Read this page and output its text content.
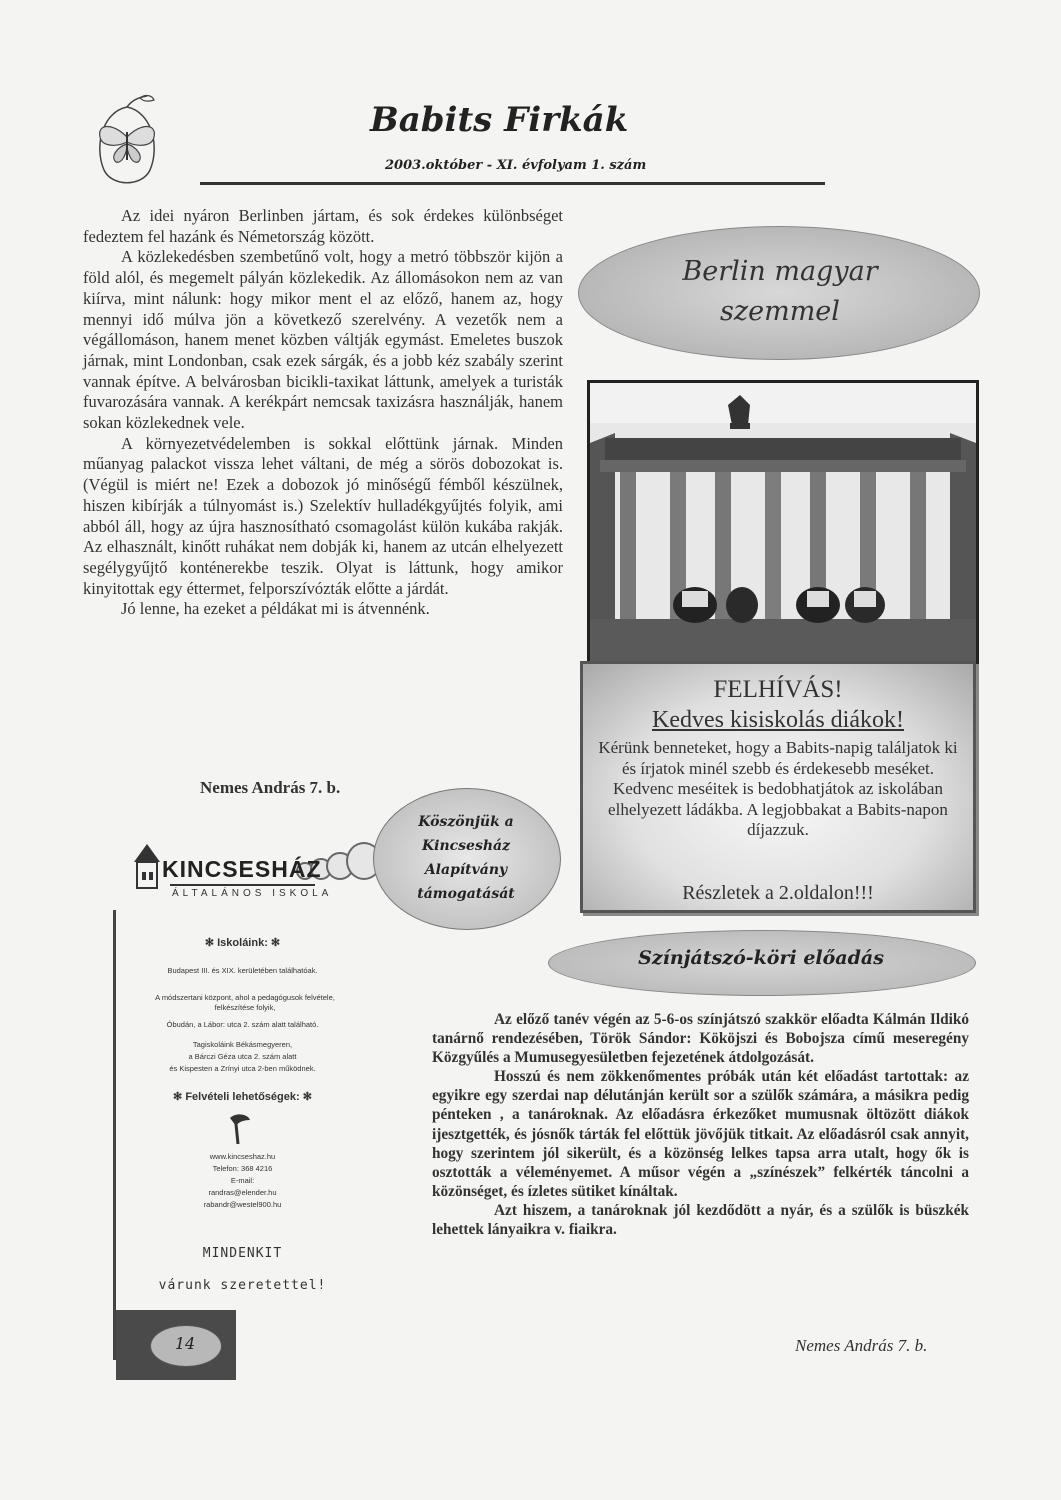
Babits Firkák
2003.október - XI. évfolyam 1. szám

Az idei nyáron Berlinben jártam, és sok érdekes különbséget fedeztem fel hazánk és Németország között.

A közlekedésben szembetűnő volt, hogy a metró többször kijön a föld alól, és megemelt pályán közlekedik. Az állomásokon nem az van kiírva, mint nálunk: hogy mikor ment el az előző, hanem az, hogy mennyi idő múlva jön a következő szerelvény. A vezetők nem a végállomáson, hanem menet közben váltják egymást. Emeletes buszok járnak, mint Londonban, csak ezek sárgák, és a jobb kéz szabály szerint vannak építve. A belvárosban bicikli-taxikat láttunk, amelyek a turisták fuvarozására vannak. A kerékpárt nemcsak taxizásra használják, hanem sokan közlekednek vele.

A környezetvédelemben is sokkal előttünk járnak. Minden műanyag palackot vissza lehet váltani, de még a sörös dobozokat is. (Végül is miért ne! Ezek a dobozok jó minőségű fémből készülnek, hiszen kibírják a túlnyomást is.) Szelektív hulladékgyűjtés folyik, ami abból áll, hogy az újra hasznosítható csomagolást külön kukába rakják. Az elhasznált, kinőtt ruhákat nem dobják ki, hanem az utcán elhelyezett segélygyűjtő konténerekbe teszik. Olyat is láttunk, hogy amikor kinyitottak egy éttermet, felporszívózták előtte a járdát.

Jó lenne, ha ezeket a példákat mi is átvennénk.

Nemes András 7. b.
Berlin magyar
szemmel
FELHÍVÁS!
Kedves kisiskolás diákok!
Kérünk benneteket, hogy a Babits-napig találjatok ki és írjatok minél szebb és érdekesebb meséket. Kedvenc meséitek is bedobhatjátok az iskolában elhelyezett ládákba. A legjobbakat a Babits-napon díjazzuk.
Részletek a 2.oldalon!!!
Köszönjük a
Kincsesház
Alapítvány
támogatását
KINCSESHÁZ
ÁLTALÁNOS ISKOLA
✻ Iskoláink: ✻
Budapest III. és XIX. kerületében találhatóak.
A módszertani központ, ahol a pedagógusok felvétele, felkészítése folyik,
Óbudán, a Lábor: utca 2. szám alatt található.
Tagiskoláink Békásmegyeren,
a Bárczi Géza utca 2. szám alatt
és Kispesten a Zrínyi utca 2-ben működnek.
✻ Felvételi lehetőségek: ✻
www.kincseshaz.hu
Telefon: 368 4216
E-mail:
randras@elender.hu
rabandr@westel900.hu
MINDENKIT
várunk szeretettel!
14
Színjátszó-köri előadás

Az előző tanév végén az 5-6-os színjátszó szakkör előadta Kálmán Ildikó tanárnő rendezésében, Török Sándor: Kököjszi és Bobojsza című meseregény Közgyűlés a Mumusegyesületben fejezetének átdolgozását.

Hosszú és nem zökkenőmentes próbák után két előadást tartottak: az egyikre egy szerdai nap délutánján került sor a szülők számára, a másikra pedig pénteken , a tanároknak. Az előadásra érkezőket mumusnak öltözött diákok ijesztgették, és jósnők tárták fel előttük jövőjük titkait. Az előadásról csak annyit, hogy szerintem jól sikerült, és a közönség lelkes tapsa arra utalt, hogy ők is osztották a véleményemet. A műsor végén a „színészek” felkérték táncolni a közönséget, és ízletes sütiket kínáltak.

Azt hiszem, a tanároknak jól kezdődött a nyár, és a szülők is büszkék lehettek lányaikra v. fiaikra.

Nemes András 7. b.
